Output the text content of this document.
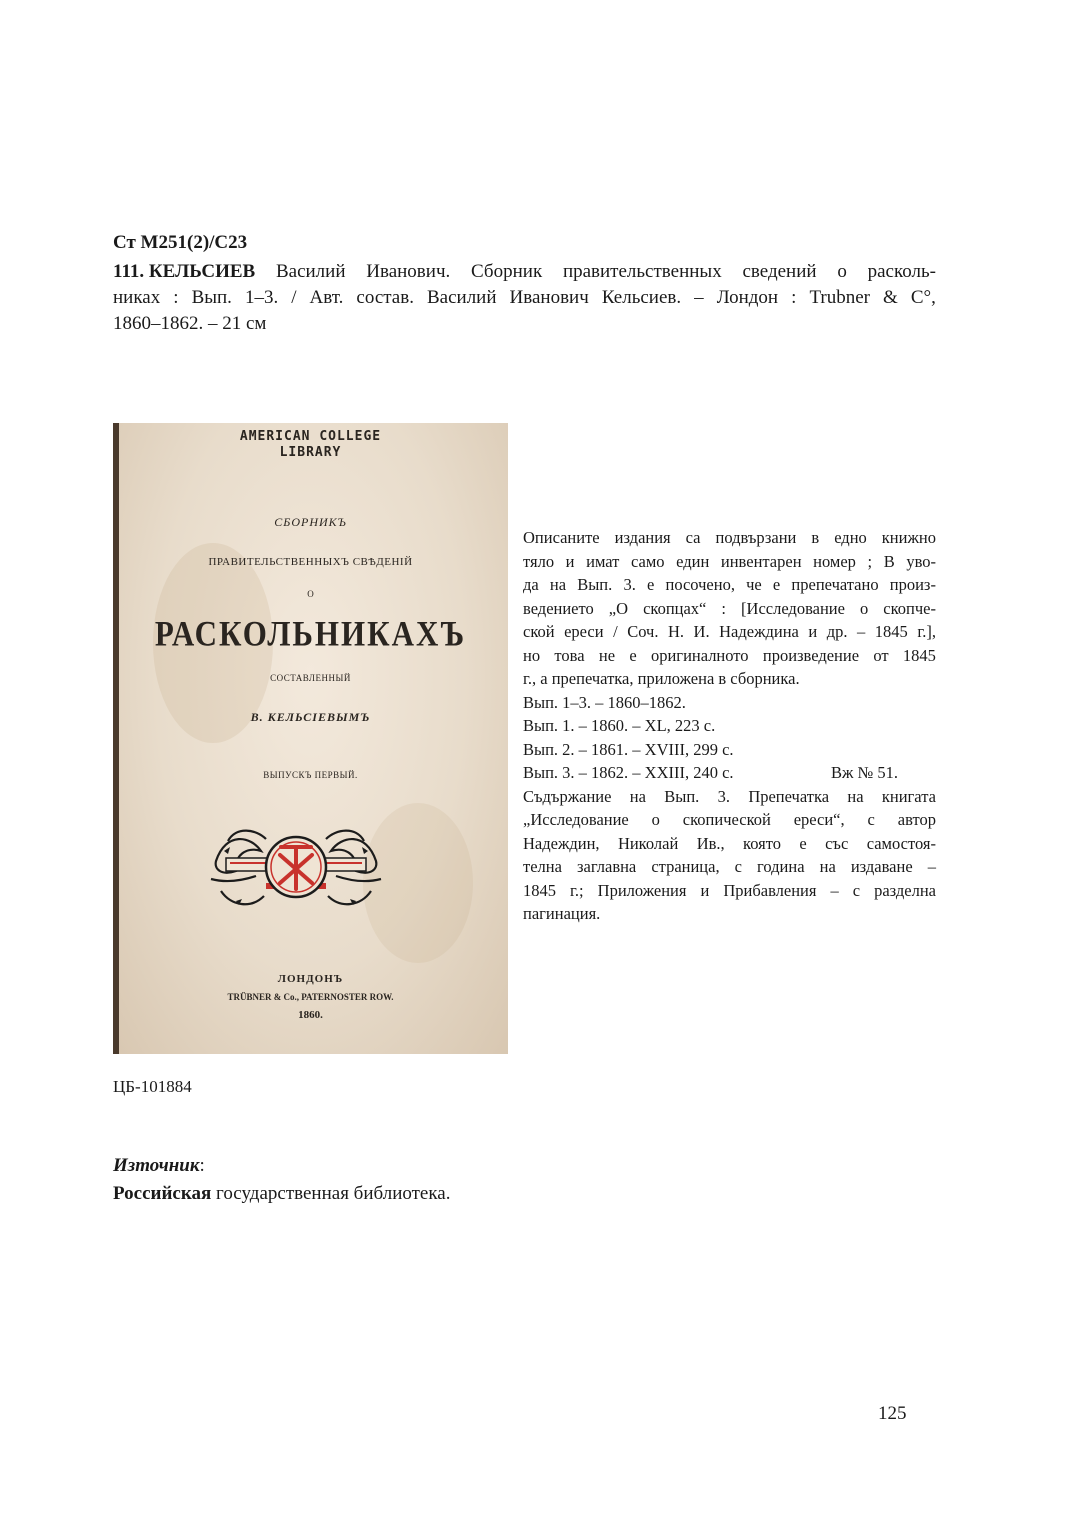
Ст М251(2)/С23
111. КЕЛЬСИЕВ Василий Иванович. Сборник правительственных сведений о расколь-
никах : Вып. 1–3. / Авт. состав. Василий Иванович Кельсиев. – Лондон : Trubner & C°,
1860–1862. – 21 см
AMERICAN COLLEGE
LIBRARY
СБОРНИКЪ
ПРАВИТЕЛЬСТВЕННЫХЪ СВѢДЕНІЙ
О
РАСКОЛЬНИКАХЪ
СОСТАВЛЕННЫЙ
В. КЕЛЬСІЕВЫМЪ
ВЫПУСКЪ ПЕРВЫЙ.
ЛОНДОНЪ
TRÜBNER & Co., PATERNOSTER ROW.
1860.
Описаните издания са подвързани в едно книжно
тяло и имат само един инвентарен номер ; В уво-
да на Вып. 3. е посочено, че е препечатано произ-
ведението „О скопцах“ : [Исследование о скопче-
ской ереси / Соч. Н. И. Надеждина и др. – 1845 г.],
но това не е оригиналното произведение от 1845
г., а препечатка, приложена в сборника.
Вып. 1–3. – 1860–1862.
Вып. 1. – 1860. – XL, 223 с.
Вып. 2. – 1861. – XVIII, 299 с.
Вып. 3. – 1862. – XXIII, 240 с.	Вж № 51.
Съдържание на Вып. 3. Препечатка на книгата
„Исследование о скопической ереси“, с автор
Надеждин, Николай Ив., която е със самостоя-
телна заглавна страница, с година на издаване –
1845 г.; Приложения и Прибавления – с разделна
пагинация.
ЦБ-101884
Източник:
Российская государственная библиотека.
125
